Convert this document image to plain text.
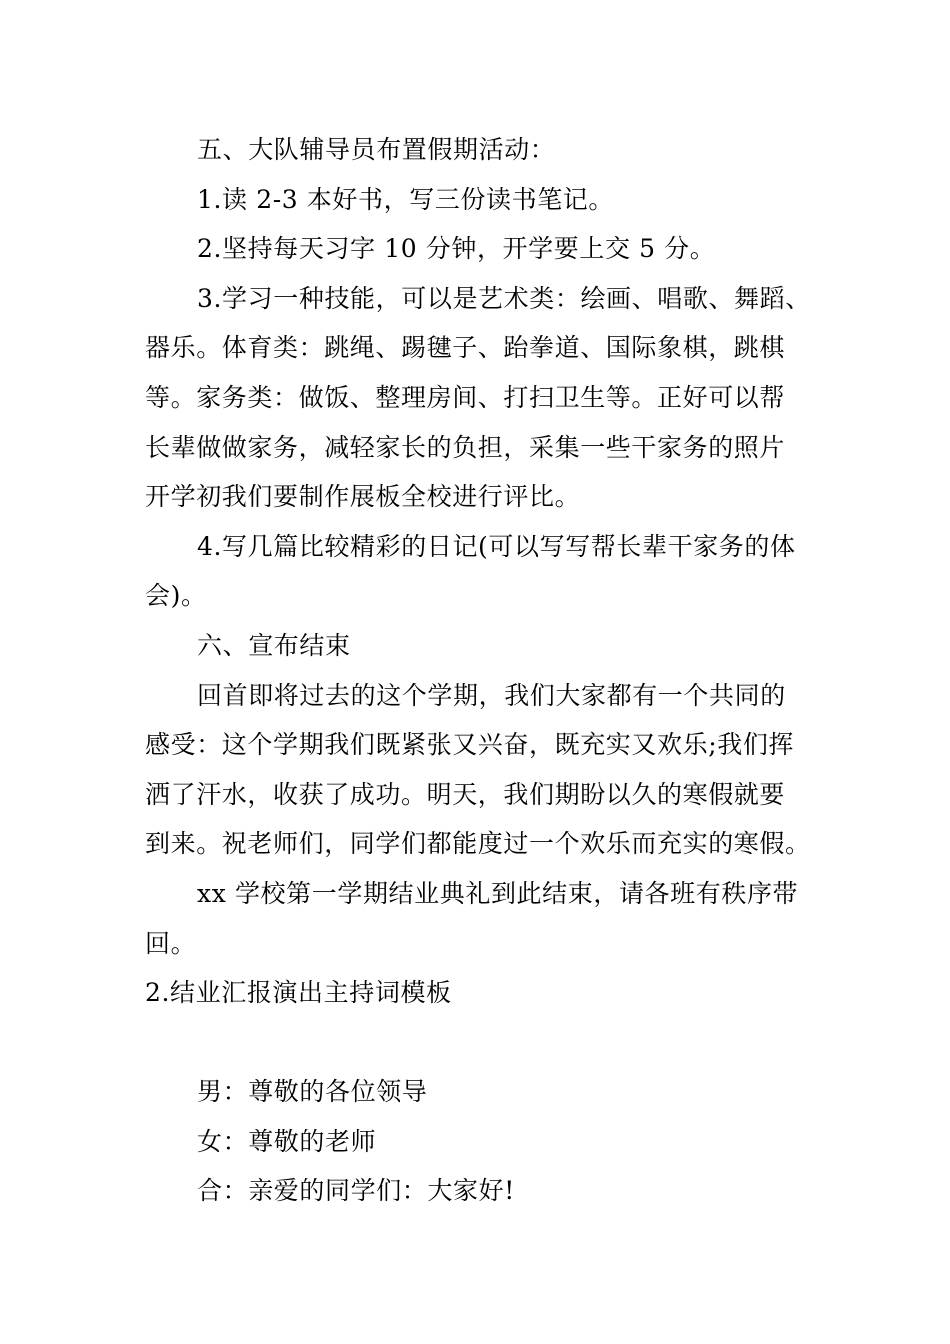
五、大队辅导员布置假期活动：
1.读 2-3 本好书，写三份读书笔记。
2.坚持每天习字 10 分钟，开学要上交 5 分。
3.学习一种技能，可以是艺术类：绘画、唱歌、舞蹈、
器乐。体育类：跳绳、踢毽子、跆拳道、国际象棋，跳棋
等。家务类：做饭、整理房间、打扫卫生等。正好可以帮
长辈做做家务，减轻家长的负担，采集一些干家务的照片
开学初我们要制作展板全校进行评比。
4.写几篇比较精彩的日记(可以写写帮长辈干家务的体
会)。
六、宣布结束
回首即将过去的这个学期，我们大家都有一个共同的
感受：这个学期我们既紧张又兴奋，既充实又欢乐;我们挥
洒了汗水，收获了成功。明天，我们期盼以久的寒假就要
到来。祝老师们，同学们都能度过一个欢乐而充实的寒假。
xx 学校第一学期结业典礼到此结束，请各班有秩序带
回。
2.结业汇报演出主持词模板
男：尊敬的各位领导
女：尊敬的老师
合：亲爱的同学们：大家好!
